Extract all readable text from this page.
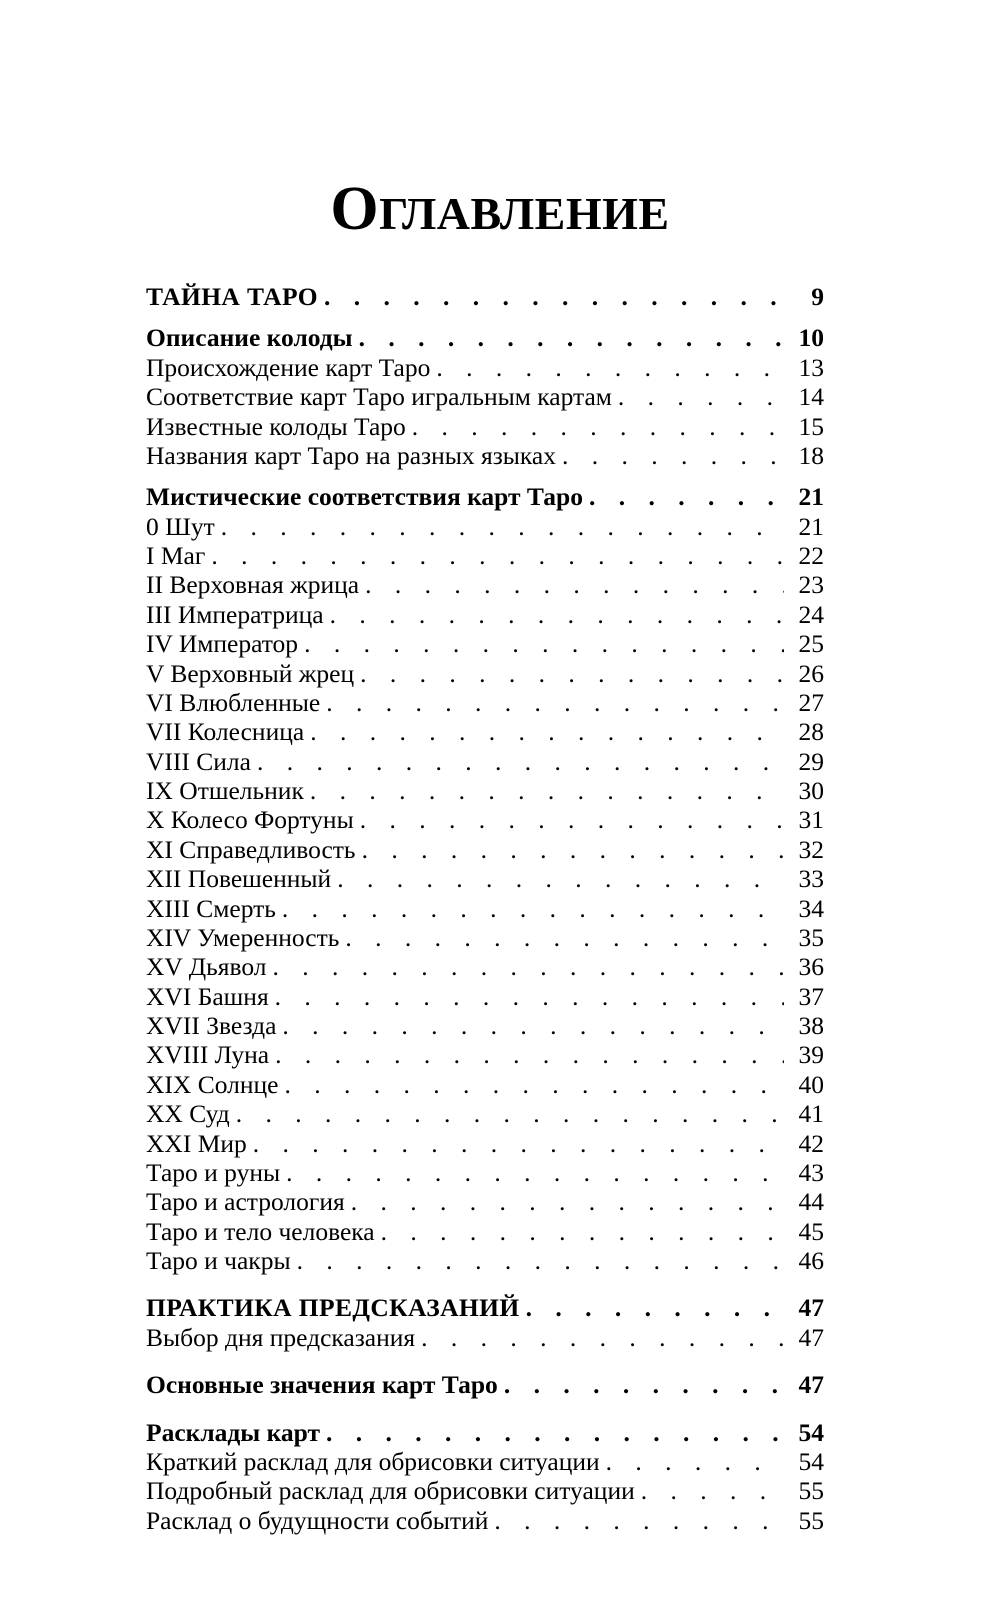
ОГЛАВЛЕНИЕ
ТАЙНА ТАРО . . .	9
Описание колоды . . .	10
Происхождение карт Таро . . .	13
Соответствие карт Таро игральным картам . . .	14
Известные колоды Таро . . .	15
Названия карт Таро на разных языках . . .	18
Мистические соответствия карт Таро . . .	21
0 Шут . . .	21
I Маг . . .	22
II Верховная жрица . . .	23
III Императрица . . .	24
IV Император . . .	25
V Верховный жрец . . .	26
VI Влюбленные . . .	27
VII Колесница . . .	28
VIII Сила . . .	29
IX Отшельник . . .	30
X Колесо Фортуны . . .	31
XI Справедливость . . .	32
XII Повешенный . . .	33
XIII Смерть . . .	34
XIV Умеренность . . .	35
XV Дьявол . . .	36
XVI Башня . . .	37
XVII Звезда . . .	38
XVIII Луна . . .	39
XIX Солнце . . .	40
XX Суд . . .	41
XXI Мир . . .	42
Таро и руны . . .	43
Таро и астрология . . .	44
Таро и тело человека . . .	45
Таро и чакры . . .	46
ПРАКТИКА ПРЕДСКАЗАНИЙ . . .	47
Выбор дня предсказания . . .	47
Основные значения карт Таро . . .	47
Расклады карт . . .	54
Краткий расклад для обрисовки ситуации . . .	54
Подробный расклад для обрисовки ситуации . . .	55
Расклад о будущности событий . . .	55
